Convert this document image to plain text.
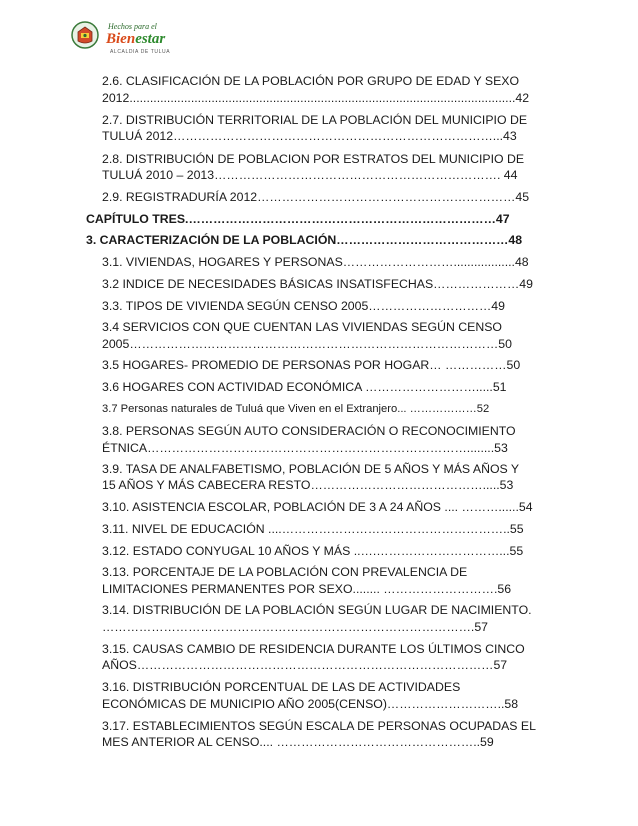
Hechos para el
Bienestar
ALCALDIA DE TULUA
2.6. CLASIFICACIÓN DE LA POBLACIÓN POR GRUPO DE EDAD Y SEXO
2012.................................................................................................................42
2.7. DISTRIBUCIÓN TERRITORIAL DE LA POBLACIÓN DEL MUNICIPIO DE
TULUÁ 2012……………………………………………………………………...43
2.8. DISTRIBUCIÓN DE POBLACION POR ESTRATOS DEL MUNICIPIO DE
TULUÁ 2010 – 2013……………………………………………………………. 44
2.9. REGISTRADURÍA 2012………………………………………………………45
CAPÍTULO TRES.…………………………………………………………………47
3. CARACTERIZACIÓN DE LA POBLACIÓN……………………………………48
3.1. VIVIENDAS, HOGARES Y PERSONAS………………………..................48
3.2 INDICE DE NECESIDADES BÁSICAS INSATISFECHAS…………………49
3.3. TIPOS DE VIVIENDA SEGÚN CENSO 2005…………………………49
3.4 SERVICIOS CON QUE CUENTAN LAS VIVIENDAS SEGÚN CENSO
2005………………………………………………………………………………50
3.5 HOGARES- PROMEDIO DE PERSONAS POR HOGAR… ……………50
3.6 HOGARES CON ACTIVIDAD ECONÓMICA ……………………….....51
3.7 Personas naturales de Tuluá que Viven en el Extranjero... ………………52
3.8. PERSONAS SEGÚN AUTO CONSIDERACIÓN O RECONOCIMIENTO
ÉTNICA……………………………………………………………………........53
3.9. TASA DE ANALFABETISMO, POBLACIÓN DE 5 AÑOS Y MÁS AÑOS Y
15 AÑOS Y MÁS CABECERA RESTO…………………………………….....53
3.10. ASISTENCIA ESCOLAR, POBLACIÓN DE 3 A 24 AÑOS .... ………......54
3.11. NIVEL DE EDUCACIÓN ....………………………………………………..55
3.12. ESTADO CONYUGAL 10 AÑOS Y MÁS ..….…………………………...55
3.13. PORCENTAJE DE LA POBLACIÓN CON PREVALENCIA DE
LIMITACIONES PERMANENTES POR SEXO........ ……………………….56
3.14. DISTRIBUCIÓN DE LA POBLACIÓN SEGÚN LUGAR DE NACIMIENTO.
……………………………………………………………………………….57
3.15. CAUSAS CAMBIO DE RESIDENCIA DURANTE LOS ÚLTIMOS CINCO
AÑOS……………………………………………………………………………57
3.16. DISTRIBUCIÓN PORCENTUAL DE LAS DE ACTIVIDADES
ECONÓMICAS DE MUNICIPIO AÑO 2005(CENSO)………………………..58
3.17. ESTABLECIMIENTOS SEGÚN ESCALA DE PERSONAS OCUPADAS EL
MES ANTERIOR AL CENSO.... …………………………………………..59
